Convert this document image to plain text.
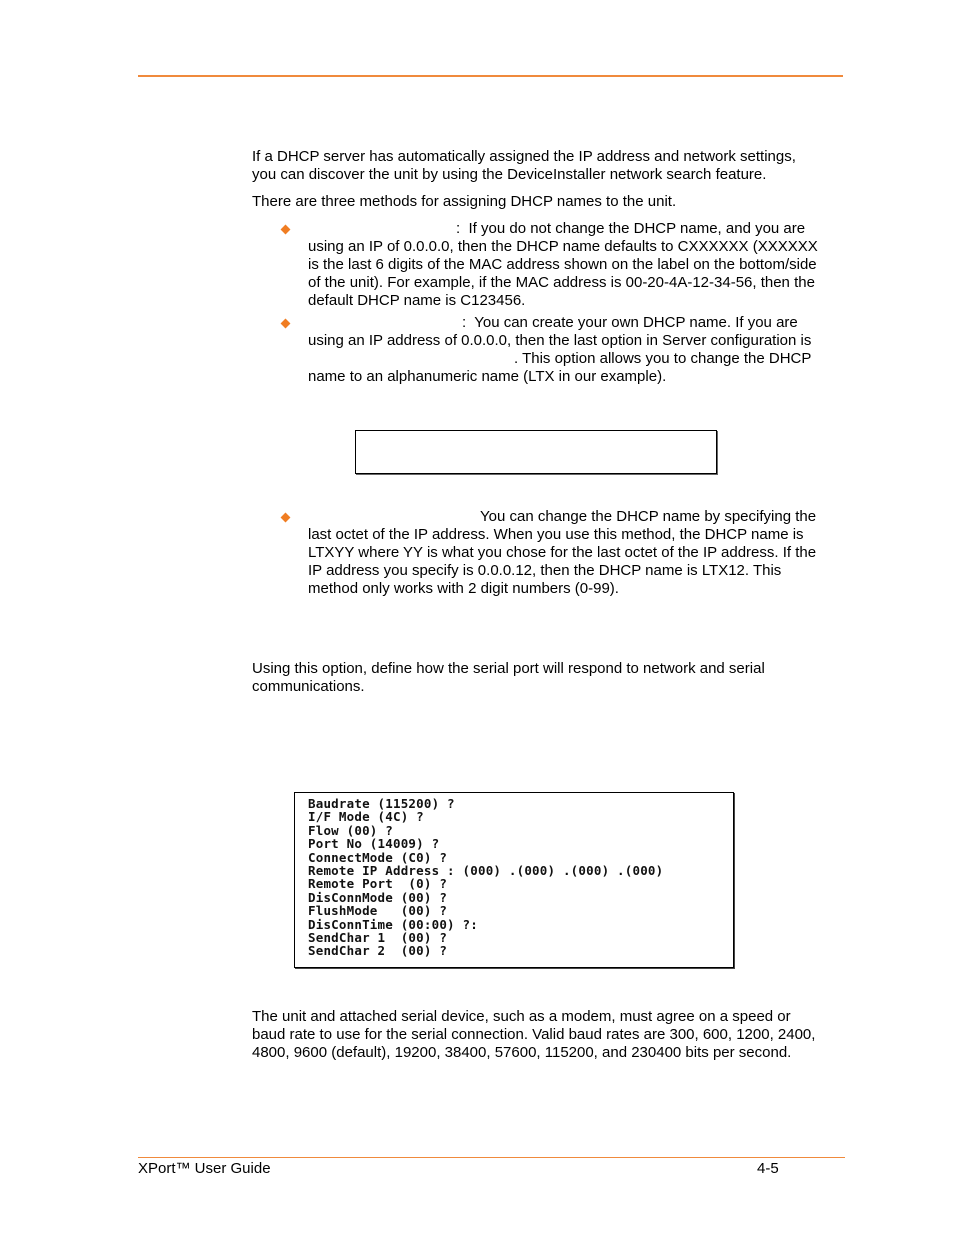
If a DHCP server has automatically assigned the IP address and network settings,
you can discover the unit by using the DeviceInstaller network search feature.
There are three methods for assigning DHCP names to the unit.
:  If you do not change the DHCP name, and you are
using an IP of 0.0.0.0, then the DHCP name defaults to CXXXXXX (XXXXXX
is the last 6 digits of the MAC address shown on the label on the bottom/side
of the unit). For example, if the MAC address is 00-20-4A-12-34-56, then the
default DHCP name is C123456.
:  You can create your own DHCP name. If you are
using an IP address of 0.0.0.0, then the last option in Server configuration is
. This option allows you to change the DHCP
name to an alphanumeric name (LTX in our example).
You can change the DHCP name by specifying the
last octet of the IP address. When you use this method, the DHCP name is
LTXYY where YY is what you chose for the last octet of the IP address. If the
IP address you specify is 0.0.0.12, then the DHCP name is LTX12. This
method only works with 2 digit numbers (0-99).
Using this option, define how the serial port will respond to network and serial
communications.
Baudrate (115200) ?
I/F Mode (4C) ?
Flow (00) ?
Port No (14009) ?
ConnectMode (C0) ?
Remote IP Address : (000) .(000) .(000) .(000)
Remote Port  (0) ?
DisConnMode (00) ?
FlushMode   (00) ?
DisConnTime (00:00) ?:
SendChar 1  (00) ?
SendChar 2  (00) ?
The unit and attached serial device, such as a modem, must agree on a speed or
baud rate to use for the serial connection. Valid baud rates are 300, 600, 1200, 2400,
4800, 9600 (default), 19200, 38400, 57600, 115200, and 230400 bits per second.
XPort™ User Guide	4-5
